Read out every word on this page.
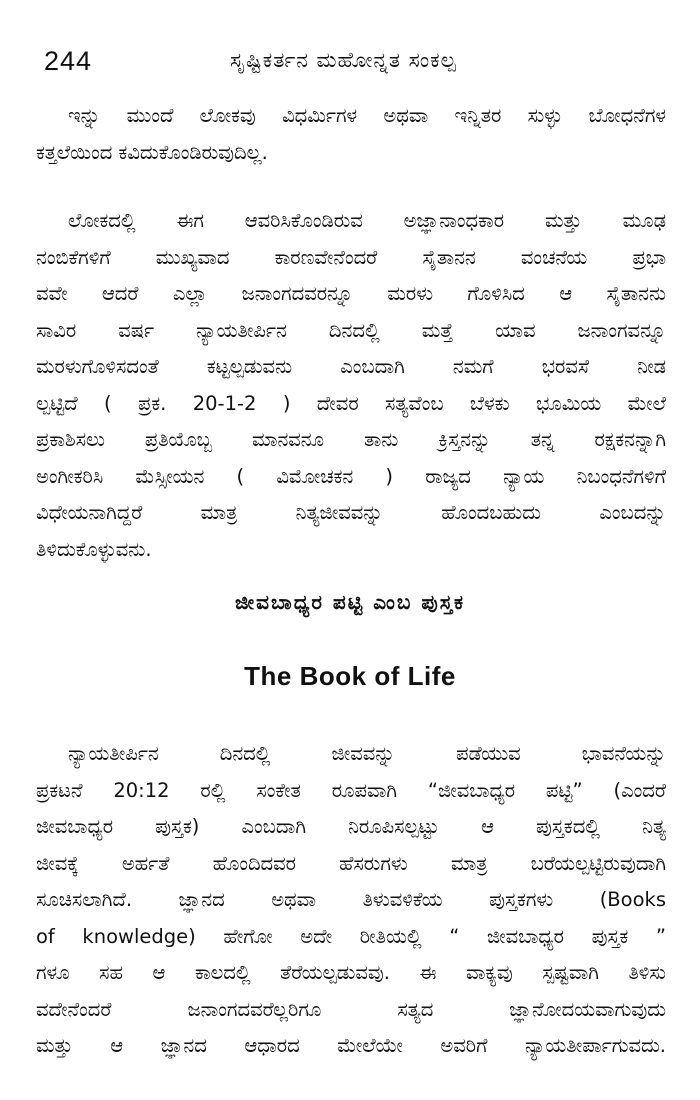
244	ಸೃಷ್ಟಿಕರ್ತನ ಮಹೋನ್ನತ ಸಂಕಲ್ಪ
ಇನ್ನು ಮುಂದೆ ಲೋಕವು ವಿಧರ್ಮಿಗಳ ಅಥವಾ ಇನ್ನಿತರ ಸುಳ್ಳು ಬೋಧನೆಗಳ
ಕತ್ತಲೆಯಿಂದ ಕವಿದುಕೊಂಡಿರುವುದಿಲ್ಲ.
ಲೋಕದಲ್ಲಿ ಈಗ ಆವರಿಸಿಕೊಂಡಿರುವ ಅಜ್ಞಾನಾಂಧಕಾರ ಮತ್ತು ಮೂಢ
ನಂಬಿಕೆಗಳಿಗೆ ಮುಖ್ಯವಾದ ಕಾರಣವೇನೆಂದರೆ ಸೈತಾನನ ವಂಚನೆಯ ಪ್ರಭಾ
ವವೇ ಆದರೆ ಎಲ್ಲಾ ಜನಾಂಗದವರನ್ನೂ ಮರಳು ಗೊಳಿಸಿದ ಆ ಸೈತಾನನು
ಸಾವಿರ ವರ್ಷ ನ್ಯಾಯತೀರ್ಪಿನ ದಿನದಲ್ಲಿ ಮತ್ತೆ ಯಾವ ಜನಾಂಗವನ್ನೂ
ಮರಳುಗೊಳಿಸದಂತೆ ಕಟ್ಟಲ್ಪಡುವನು ಎಂಬದಾಗಿ ನಮಗೆ ಭರವಸೆ ನೀಡ
ಲ್ಪಟ್ಟಿದೆ ( ಪ್ರಕ. 20-1-2 ) ದೇವರ ಸತ್ಯವೆಂಬ ಬೆಳಕು ಭೂಮಿಯ ಮೇಲೆ
ಪ್ರಕಾಶಿಸಲು ಪ್ರತಿಯೊಬ್ಬ ಮಾನವನೂ ತಾನು ಕ್ರಿಸ್ತನನ್ನು ತನ್ನ ರಕ್ಷಕನನ್ನಾಗಿ
ಅಂಗೀಕರಿಸಿ ಮೆಸ್ಸೀಯನ ( ವಿಮೋಚಕನ ) ರಾಜ್ಯದ ನ್ಯಾಯ ನಿಬಂಧನೆಗಳಿಗೆ
ವಿಧೇಯನಾಗಿದ್ದರೆ ಮಾತ್ರ ನಿತ್ಯಜೀವವನ್ನು ಹೊಂದಬಹುದು ಎಂಬದನ್ನು
ತಿಳಿದುಕೊಳ್ಳುವನು.
ಜೀವಬಾಧ್ಯರ ಪಟ್ಟಿ ಎಂಬ ಪುಸ್ತಕ
The Book of Life
ನ್ಯಾಯತೀರ್ಪಿನ ದಿನದಲ್ಲಿ ಜೀವವನ್ನು ಪಡೆಯುವ ಭಾವನೆಯನ್ನು
ಪ್ರಕಟನೆ 20:12 ರಲ್ಲಿ ಸಂಕೇತ ರೂಪವಾಗಿ “ಜೀವಬಾಧ್ಯರ ಪಟ್ಟಿ” (ಎಂದರೆ
ಜೀವಬಾಧ್ಯರ ಪುಸ್ತಕ) ಎಂಬದಾಗಿ ನಿರೂಪಿಸಲ್ಪಟ್ಟು ಆ ಪುಸ್ತಕದಲ್ಲಿ ನಿತ್ಯ
ಜೀವಕ್ಕೆ ಅರ್ಹತೆ ಹೊಂದಿದವರ ಹೆಸರುಗಳು ಮಾತ್ರ ಬರೆಯಲ್ಪಟ್ಟಿರುವುದಾಗಿ
ಸೂಚಿಸಲಾಗಿದೆ. ಜ್ಞಾನದ ಅಥವಾ ತಿಳುವಳಿಕೆಯ ಪುಸ್ತಕಗಳು (Books
of knowledge) ಹೇಗೋ ಅದೇ ರೀತಿಯಲ್ಲಿ “ ಜೀವಬಾಧ್ಯರ ಪುಸ್ತಕ ”
ಗಳೂ ಸಹ ಆ ಕಾಲದಲ್ಲಿ ತೆರೆಯಲ್ಪಡುವವು. ಈ ವಾಕ್ಯವು ಸ್ಪಷ್ಟವಾಗಿ ತಿಳಿಸು
ವದೇನೆಂದರೆ ಜನಾಂಗದವರೆಲ್ಲರಿಗೂ ಸತ್ಯದ ಜ್ಞಾನೋದಯವಾಗುವುದು
ಮತ್ತು ಆ ಜ್ಞಾನದ ಆಧಾರದ ಮೇಲೆಯೇ ಅವರಿಗೆ ನ್ಯಾಯತೀರ್ಪಾಗುವದು.
